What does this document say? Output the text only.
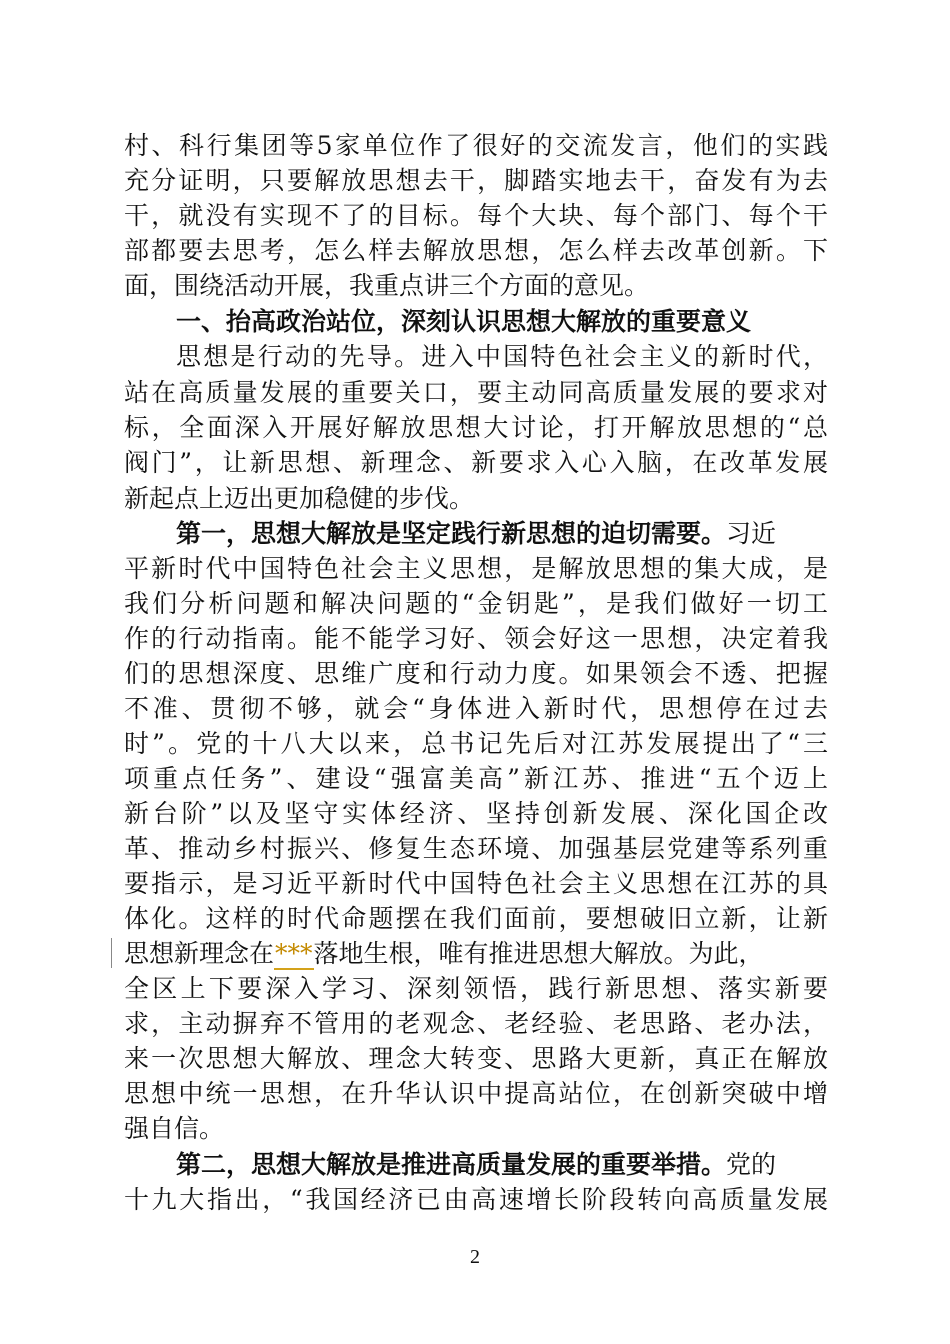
村、科行集团等5家单位作了很好的交流发言，他们的实践
充分证明，只要解放思想去干，脚踏实地去干，奋发有为去
干，就没有实现不了的目标。每个大块、每个部门、每个干
部都要去思考，怎么样去解放思想，怎么样去改革创新。下
面，围绕活动开展，我重点讲三个方面的意见。
一、抬高政治站位，深刻认识思想大解放的重要意义
思想是行动的先导。进入中国特色社会主义的新时代，
站在高质量发展的重要关口，要主动同高质量发展的要求对
标，全面深入开展好解放思想大讨论，打开解放思想的“总
阀门”，让新思想、新理念、新要求入心入脑，在改革发展
新起点上迈出更加稳健的步伐。
第一，思想大解放是坚定践行新思想的迫切需要。习近
平新时代中国特色社会主义思想，是解放思想的集大成，是
我们分析问题和解决问题的“金钥匙”，是我们做好一切工
作的行动指南。能不能学习好、领会好这一思想，决定着我
们的思想深度、思维广度和行动力度。如果领会不透、把握
不准、贯彻不够，就会“身体进入新时代，思想停在过去
时”。党的十八大以来，总书记先后对江苏发展提出了“三
项重点任务”、建设“强富美高”新江苏、推进“五个迈上
新台阶”以及坚守实体经济、坚持创新发展、深化国企改
革、推动乡村振兴、修复生态环境、加强基层党建等系列重
要指示，是习近平新时代中国特色社会主义思想在江苏的具
体化。这样的时代命题摆在我们面前，要想破旧立新，让新
思想新理念在***落地生根，唯有推进思想大解放。为此，
全区上下要深入学习、深刻领悟，践行新思想、落实新要
求，主动摒弃不管用的老观念、老经验、老思路、老办法，
来一次思想大解放、理念大转变、思路大更新，真正在解放
思想中统一思想，在升华认识中提高站位，在创新突破中增
强自信。
第二，思想大解放是推进高质量发展的重要举措。党的
十九大指出，“我国经济已由高速增长阶段转向高质量发展
2
